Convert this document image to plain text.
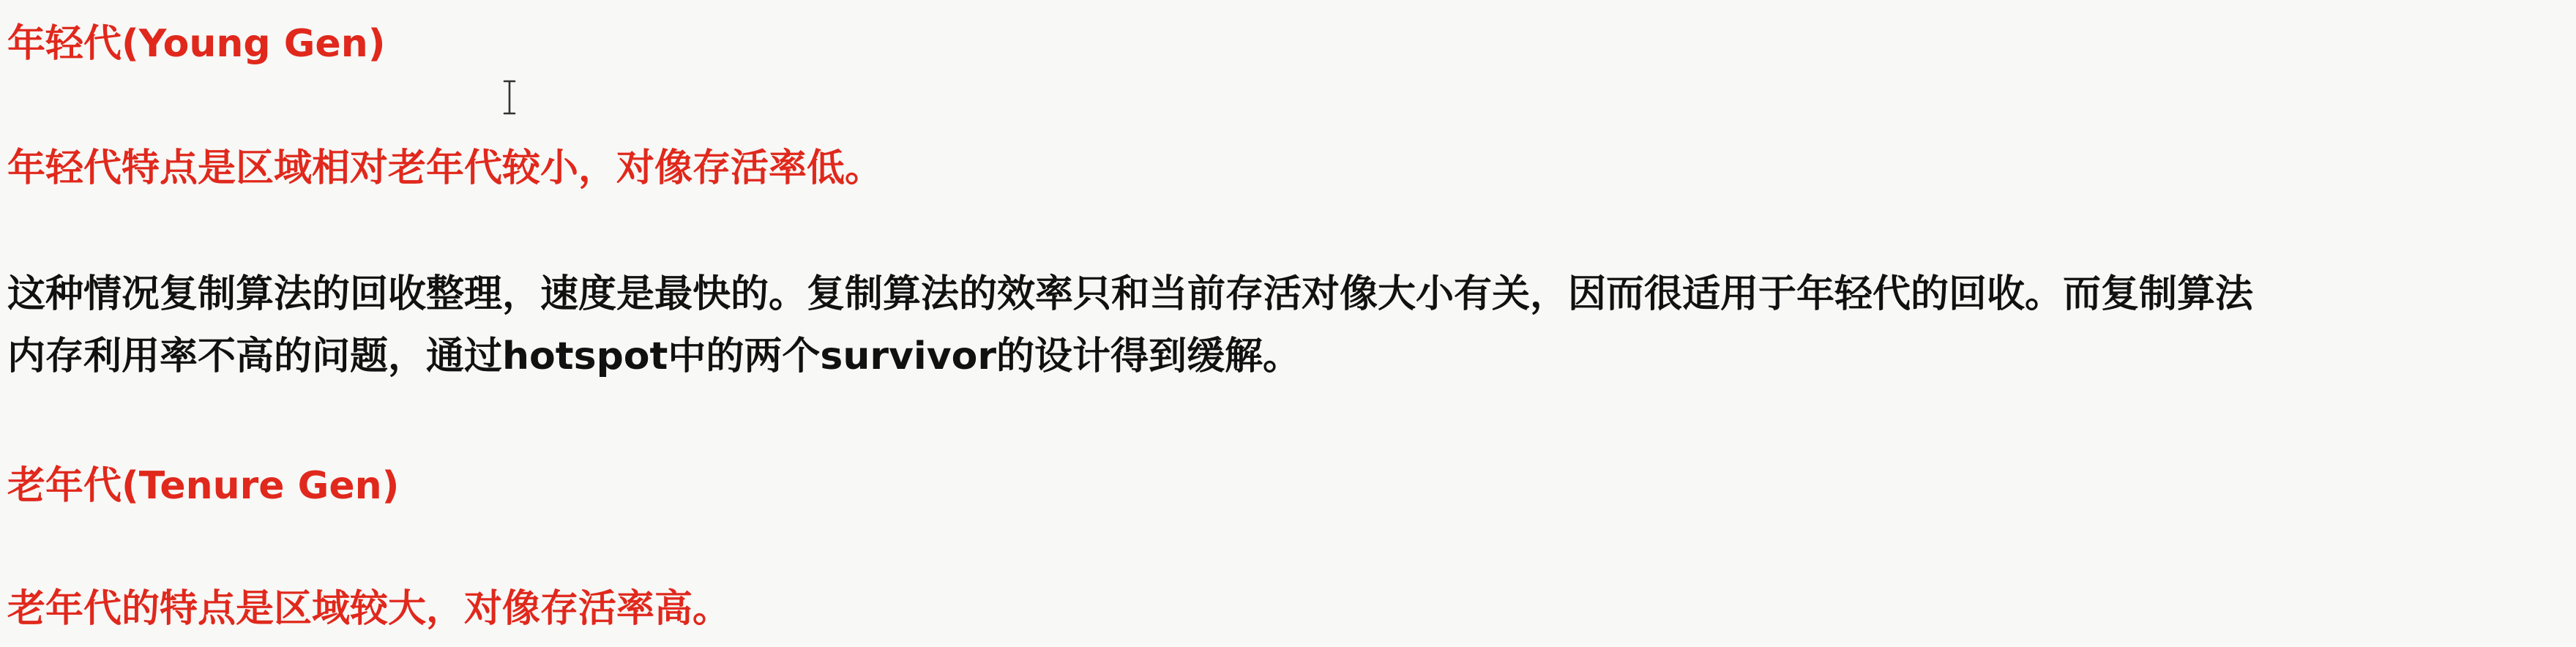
年轻代(Young Gen)
年轻代特点是区域相对老年代较小，对像存活率低。
这种情况复制算法的回收整理，速度是最快的。复制算法的效率只和当前存活对像大小有关，因而很适用于年轻代的回收。而复制算法
内存利用率不高的问题，通过hotspot中的两个survivor的设计得到缓解。
老年代(Tenure Gen)
老年代的特点是区域较大，对像存活率高。
